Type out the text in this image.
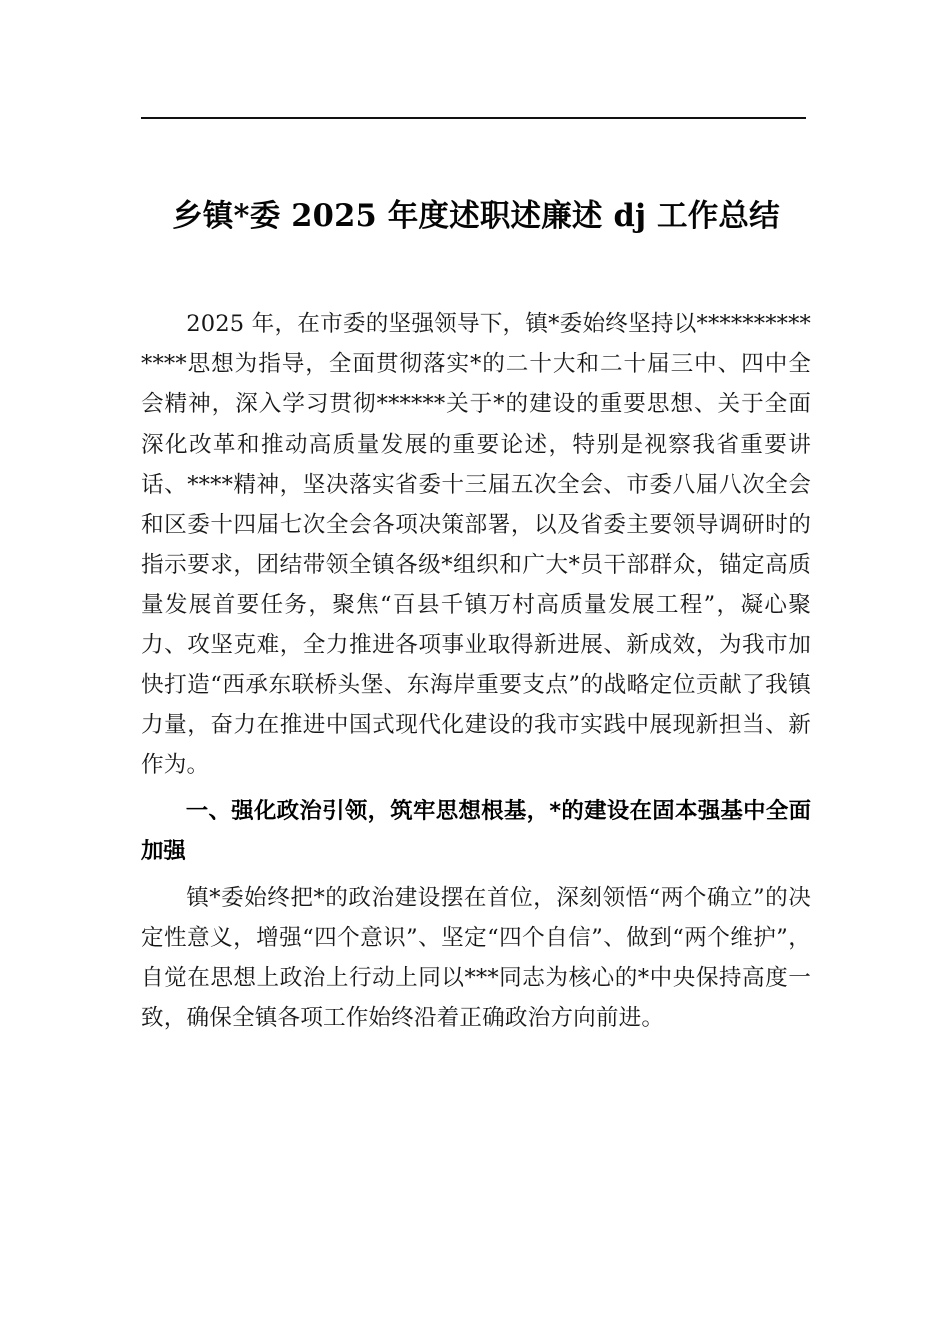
乡镇*委 2025 年度述职述廉述 dj 工作总结

2025 年，在市委的坚强领导下，镇*委始终坚持以**************思想为指导，全面贯彻落实*的二十大和二十届三中、四中全会精神，深入学习贯彻******关于*的建设的重要思想、关于全面深化改革和推动高质量发展的重要论述，特别是视察我省重要讲话、****精神，坚决落实省委十三届五次全会、市委八届八次全会和区委十四届七次全会各项决策部署，以及省委主要领导调研时的指示要求，团结带领全镇各级*组织和广大*员干部群众，锚定高质量发展首要任务，聚焦“百县千镇万村高质量发展工程”，凝心聚力、攻坚克难，全力推进各项事业取得新进展、新成效，为我市加快打造“西承东联桥头堡、东海岸重要支点”的战略定位贡献了我镇力量，奋力在推进中国式现代化建设的我市实践中展现新担当、新作为。

一、强化政治引领，筑牢思想根基，*的建设在固本强基中全面加强

镇*委始终把*的政治建设摆在首位，深刻领悟“两个确立”的决定性意义，增强“四个意识”、坚定“四个自信”、做到“两个维护”，自觉在思想上政治上行动上同以***同志为核心的*中央保持高度一致，确保全镇各项工作始终沿着正确政治方向前进。
